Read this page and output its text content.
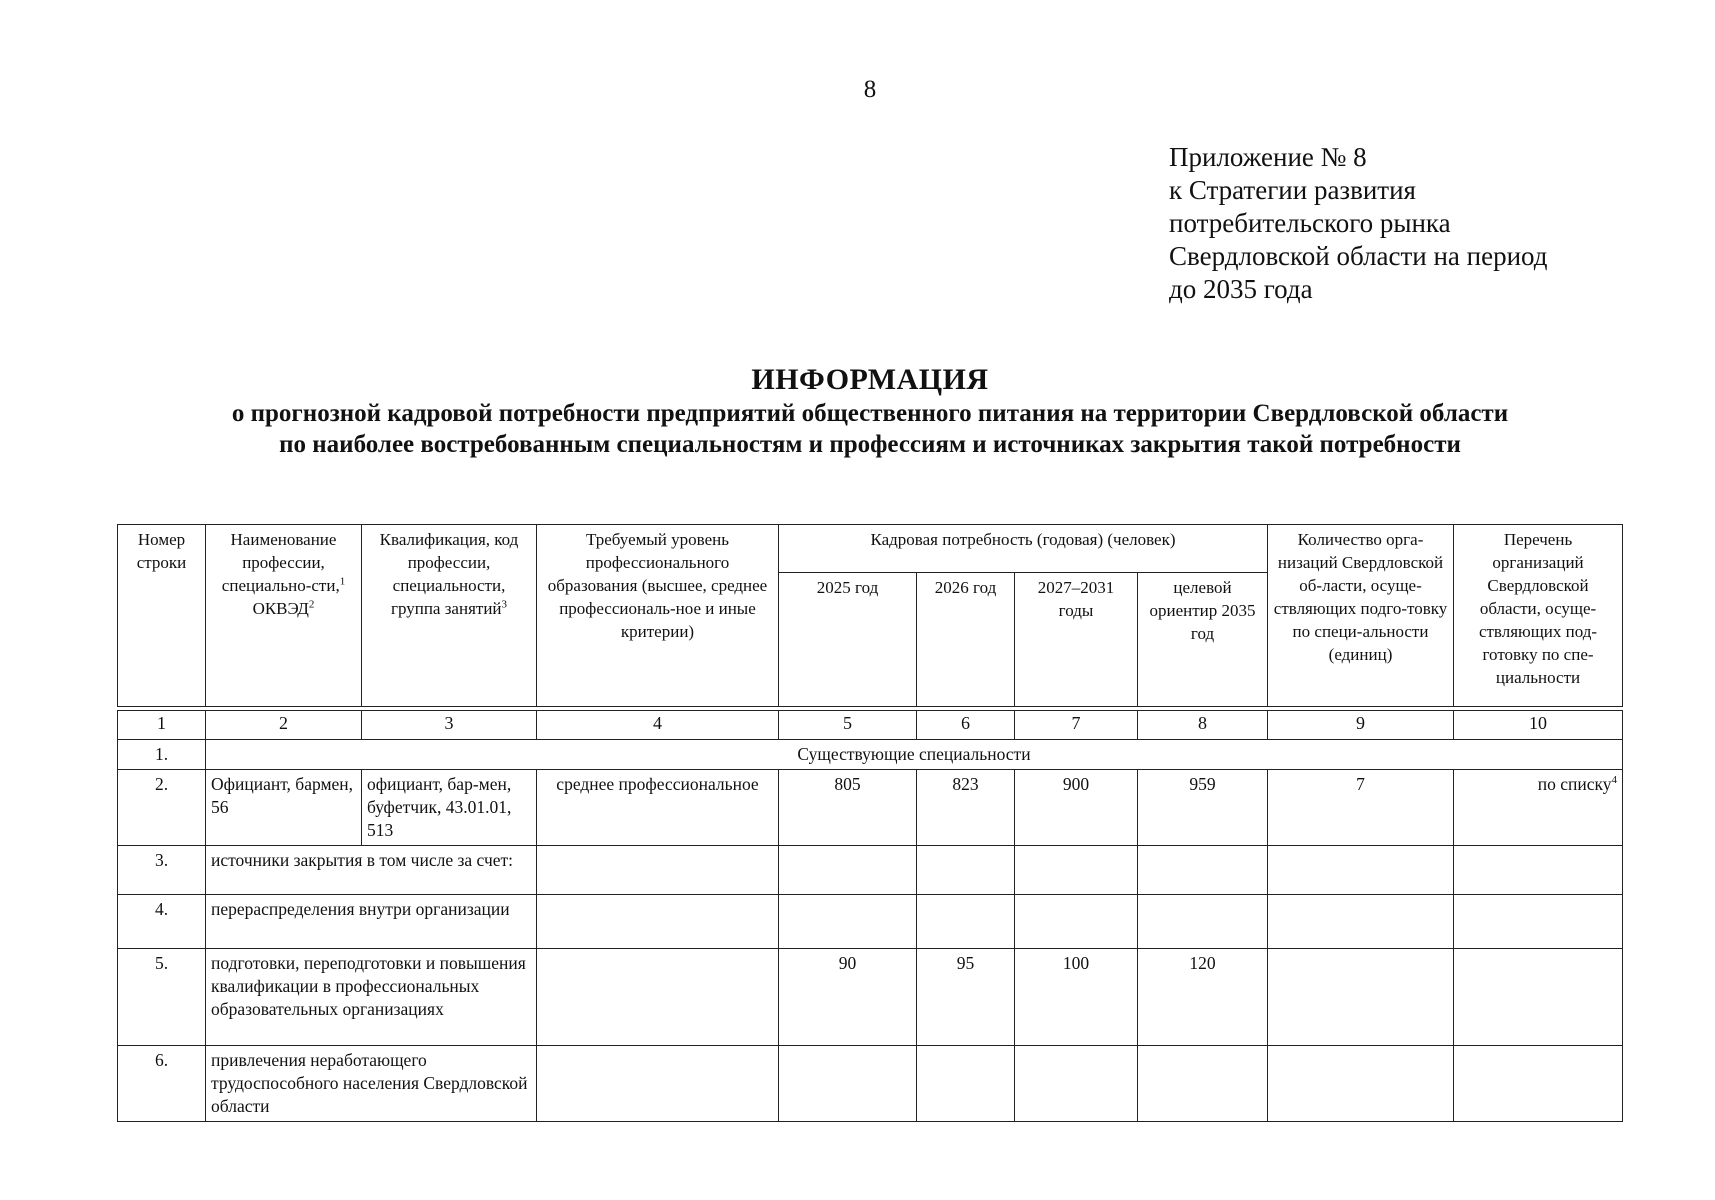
8
Приложение № 8
к Стратегии развития
потребительского рынка
Свердловской области на период
до 2035 года
ИНФОРМАЦИЯ
о прогнозной кадровой потребности предприятий общественного питания на территории Свердловской области
по наиболее востребованным специальностям и профессиям и источниках закрытия такой потребности
Номер строки	Наименование профессии, специально-сти,$^1$ ОКВЭД$^2$	Квалификация, код профессии, специальности, группа занятий$^3$	Требуемый уровень профессионального образования (высшее, среднее профессиональ-ное и иные критерии)	Кадровая потребность (годовая) (человек)				Количество орга-низаций Свердловской об-ласти, осуще-ствляющих подго-товку по специ-альности (единиц)	Перечень организаций Свердловской области, осуще-ствляющих под-готовку по спе-циальности
				2025 год	2026 год	2027–2031 годы	целевой ориентир 2035 год		

1	2	3	4	5	6	7	8	9	10
1.	Существующие специальности								
2.	Официант, бармен, 56	официант, бар-мен, буфетчик, 43.01.01, 513	среднее профессиональное	805	823	900	959	7	по списку$^4$
3.	источники закрытия в том числе за счет:								
4.	перераспределения внутри организации								
5.	подготовки, переподготовки и повышения квалификации в профессиональных образовательных организациях			90	95	100	120		
6.	привлечения неработающего трудоспособного населения Свердловской области								
